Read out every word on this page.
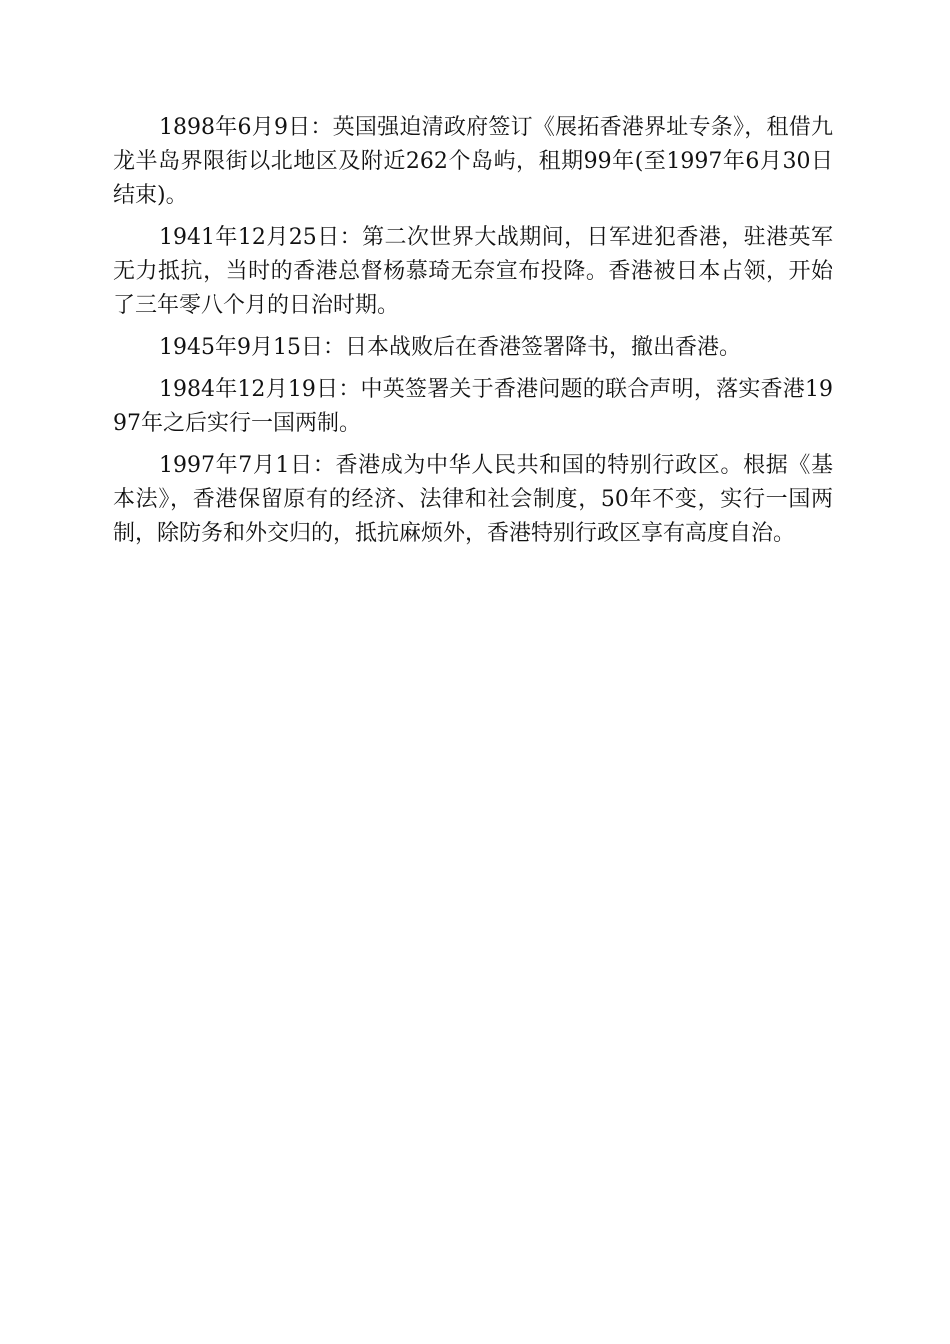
1898年6月9日：英国强迫清政府签订《展拓香港界址专条》，租借九龙半岛界限街以北地区及附近262个岛屿，租期99年(至1997年6月30日结束)。

1941年12月25日：第二次世界大战期间，日军进犯香港，驻港英军无力抵抗，当时的香港总督杨慕琦无奈宣布投降。香港被日本占领，开始了三年零八个月的日治时期。

1945年9月15日：日本战败后在香港签署降书，撤出香港。

1984年12月19日：中英签署关于香港问题的联合声明，落实香港1997年之后实行一国两制。

1997年7月1日：香港成为中华人民共和国的特别行政区。根据《基本法》，香港保留原有的经济、法律和社会制度，50年不变，实行一国两制，除防务和外交归的，抵抗麻烦外，香港特别行政区享有高度自治。
